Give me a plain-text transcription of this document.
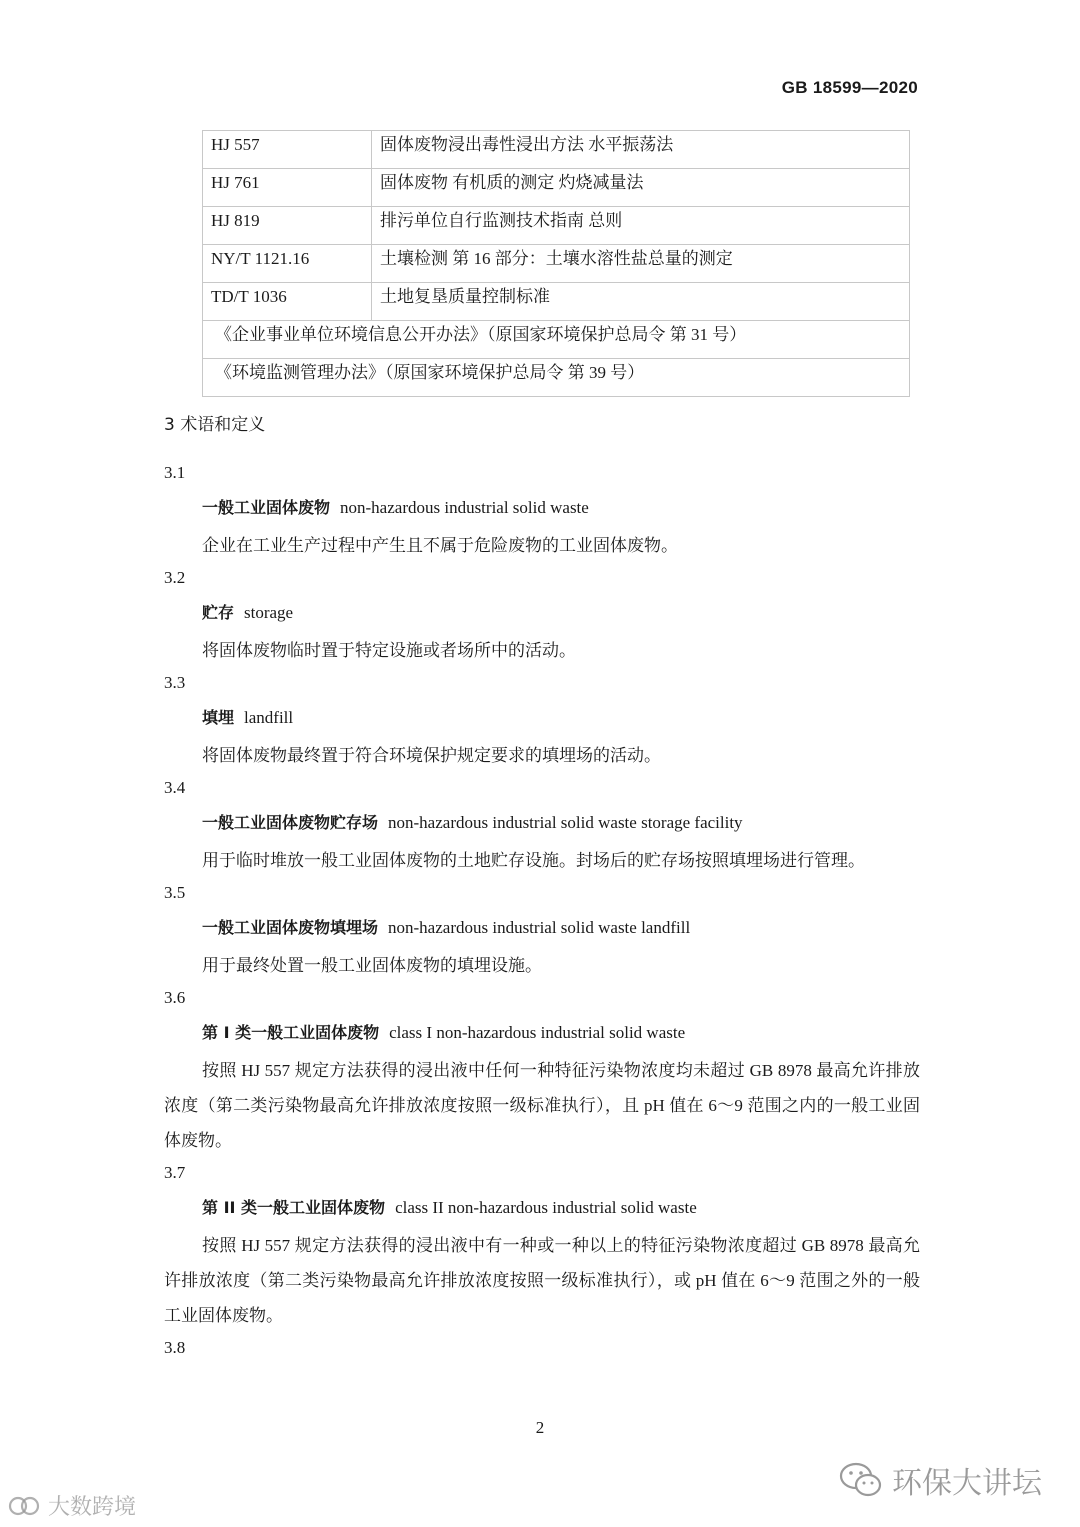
GB 18599—2020
HJ 557	固体废物浸出毒性浸出方法 水平振荡法
HJ 761	固体废物 有机质的测定 灼烧减量法
HJ 819	排污单位自行监测技术指南 总则
NY/T 1121.16	土壤检测 第 16 部分：土壤水溶性盐总量的测定
TD/T 1036	土地复垦质量控制标准
《企业事业单位环境信息公开办法》（原国家环境保护总局令 第 31 号）	
《环境监测管理办法》（原国家环境保护总局令 第 39 号）	
3 术语和定义
3.1
一般工业固体废物 non-hazardous industrial solid waste
企业在工业生产过程中产生且不属于危险废物的工业固体废物。
3.2
贮存 storage
将固体废物临时置于特定设施或者场所中的活动。
3.3
填埋 landfill
将固体废物最终置于符合环境保护规定要求的填埋场的活动。
3.4
一般工业固体废物贮存场 non-hazardous industrial solid waste storage facility
用于临时堆放一般工业固体废物的土地贮存设施。封场后的贮存场按照填埋场进行管理。
3.5
一般工业固体废物填埋场 non-hazardous industrial solid waste landfill
用于最终处置一般工业固体废物的填埋设施。
3.6
第 I 类一般工业固体废物 class I non-hazardous industrial solid waste
按照 HJ 557 规定方法获得的浸出液中任何一种特征污染物浓度均未超过 GB 8978 最高允许排放浓度（第二类污染物最高允许排放浓度按照一级标准执行），且 pH 值在 6～9 范围之内的一般工业固体废物。
3.7
第 II 类一般工业固体废物 class II non-hazardous industrial solid waste
按照 HJ 557 规定方法获得的浸出液中有一种或一种以上的特征污染物浓度超过 GB 8978 最高允许排放浓度（第二类污染物最高允许排放浓度按照一级标准执行），或 pH 值在 6～9 范围之外的一般工业固体废物。
3.8
2
环保大讲坛
大数跨境
